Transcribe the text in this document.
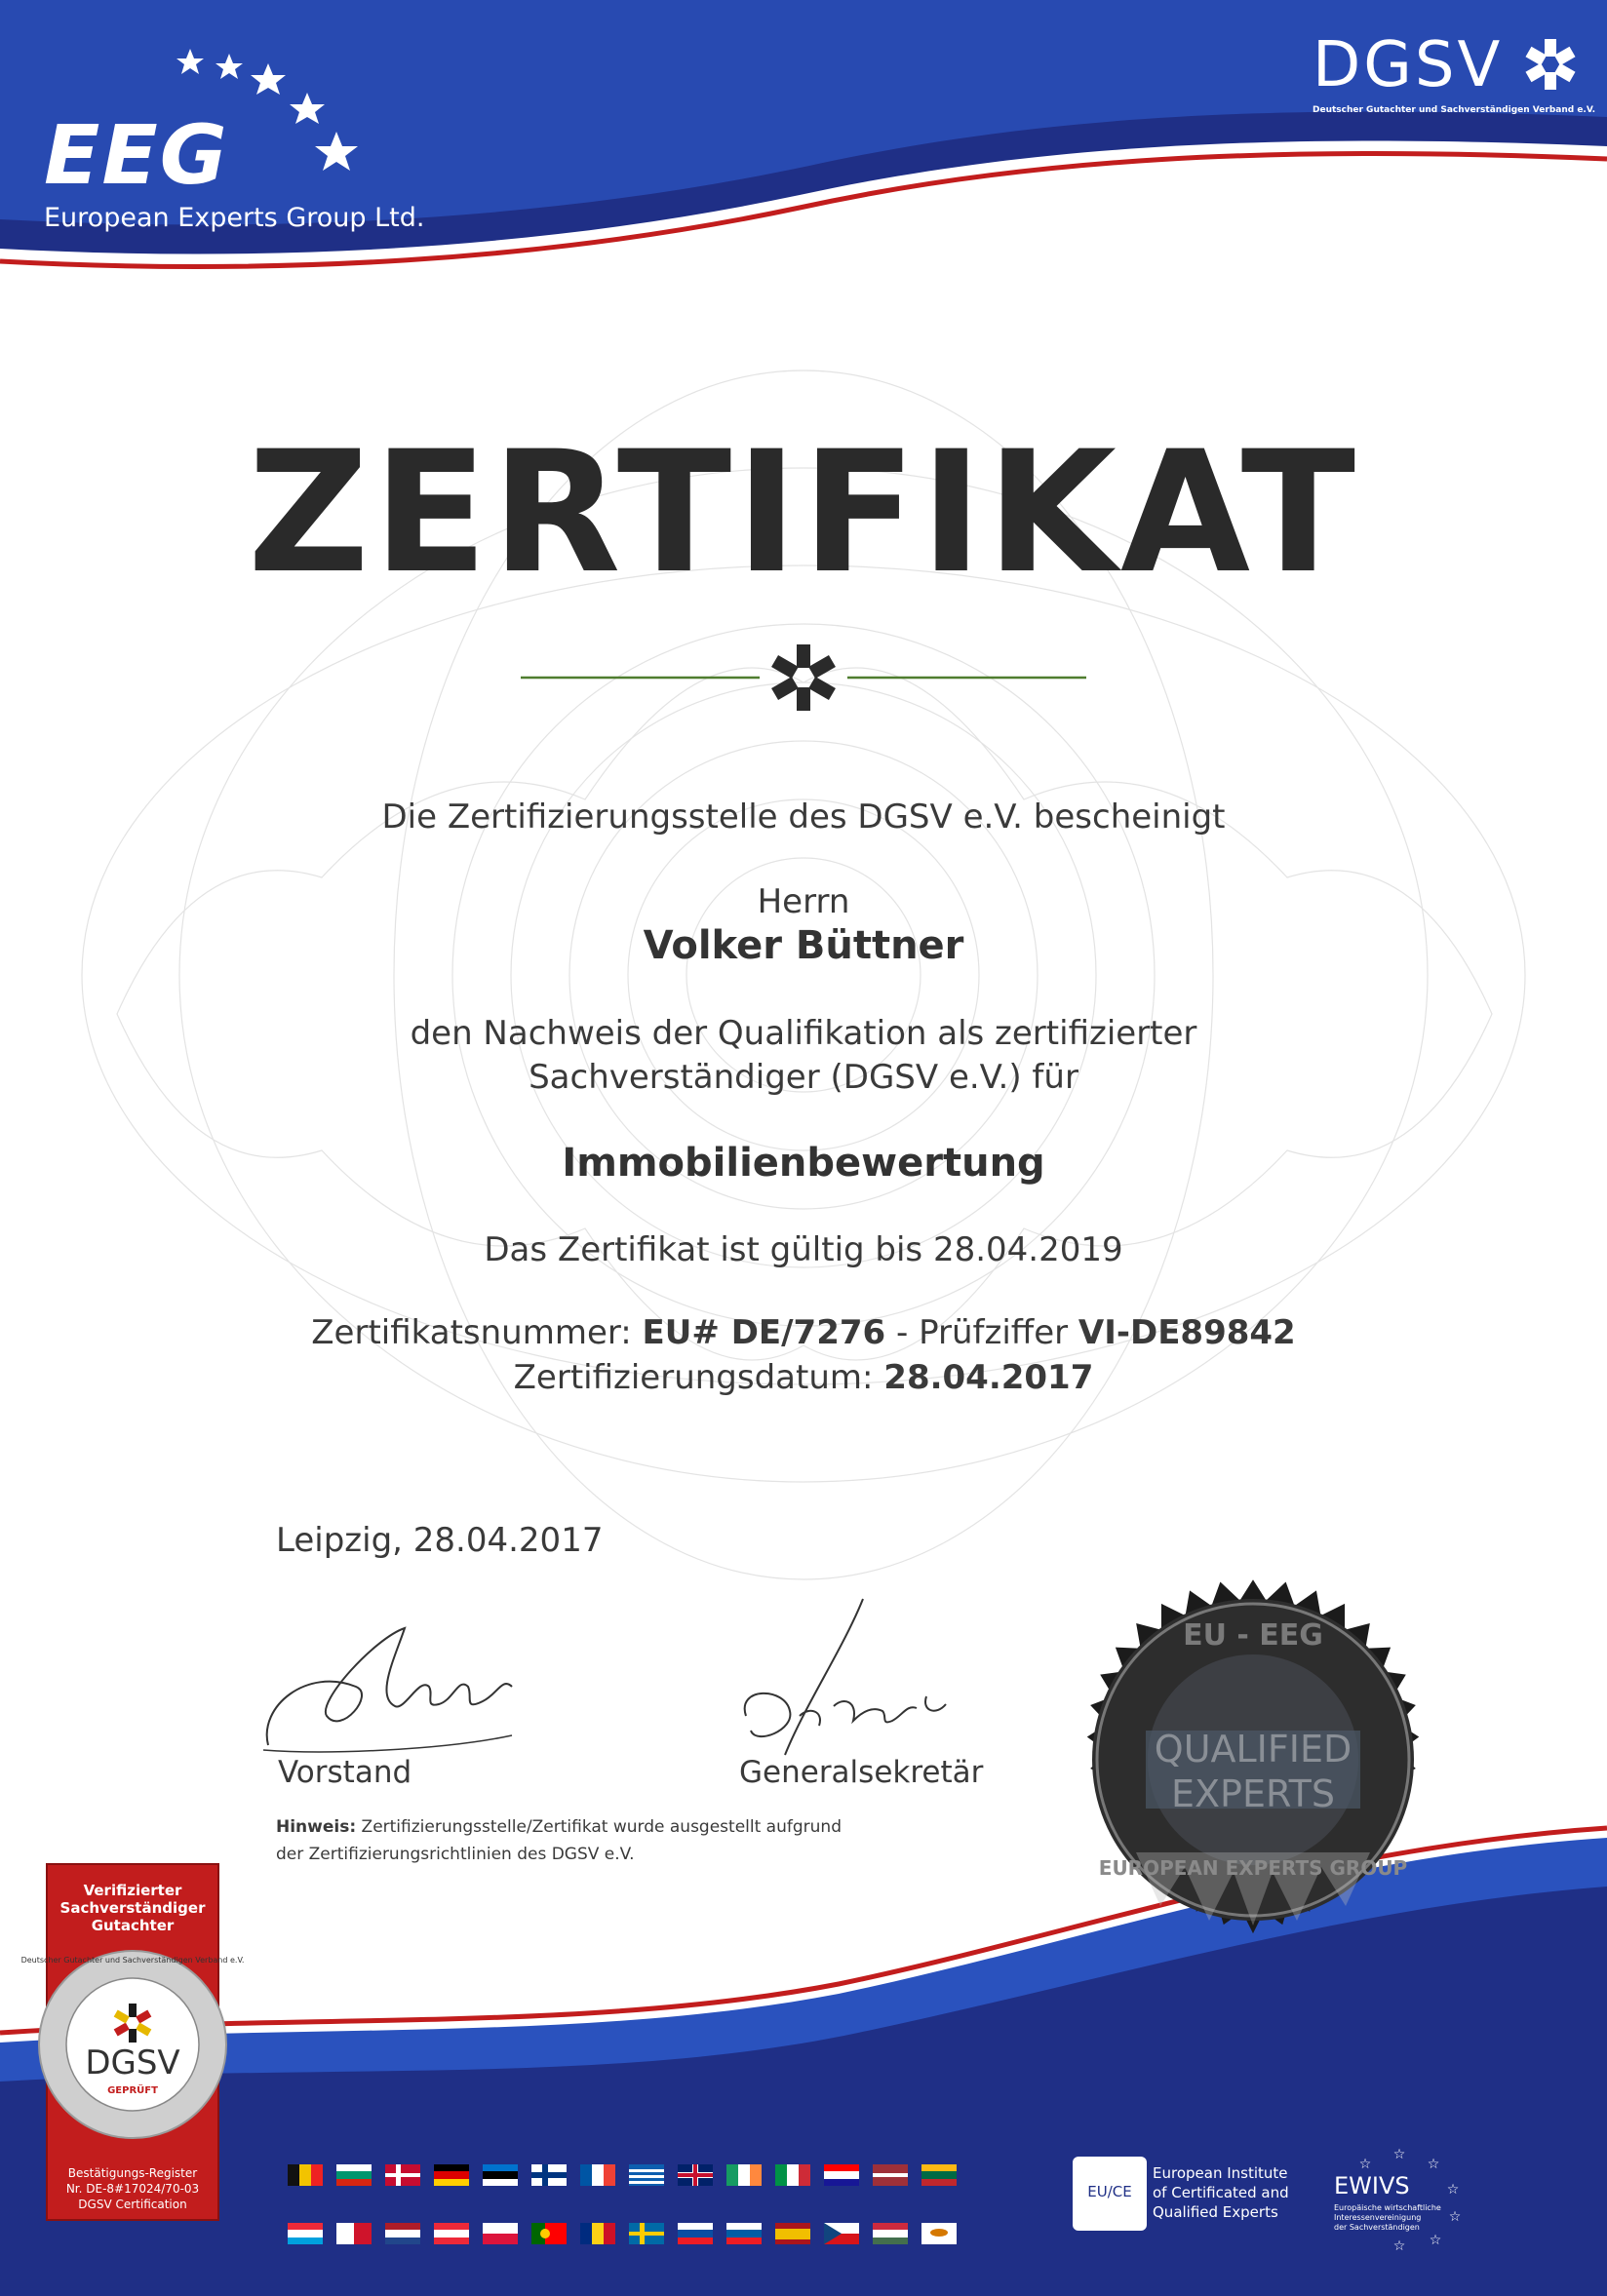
EEG
European Experts Group Ltd.
DGSV
Deutscher Gutachter und Sachverständigen Verband e.V.
ZERTIFIKAT
Die Zertifizierungsstelle des DGSV e.V. bescheinigt
Herrn
Volker Büttner
den Nachweis der Qualifikation als zertifizierter
Sachverständiger (DGSV e.V.) für
Immobilienbewertung
Das Zertifikat ist gültig bis 28.04.2019
Zertifikatsnummer: EU# DE/7276 - Prüfziffer VI-DE89842
Zertifizierungsdatum: 28.04.2017
Leipzig, 28.04.2017
Vorstand	Generalsekretär
Hinweis: Zertifizierungsstelle/Zertifikat wurde ausgestellt aufgrund
der Zertifizierungsrichtlinien des DGSV e.V.
EU - EEG
QUALIFIED
EXPERTS
EUROPEAN EXPERTS GROUP
Verifizierter
Sachverständiger
Gutachter
DGSV
GEPRÜFT
Deutscher Gutachter und Sachverständigen Verband e.V.
Bestätigungs-Register
Nr. DE-8#17024/70-03
DGSV Certification
EU/CE
European Institute
of Certificated and
Qualified Experts
☆
☆
☆
☆
☆
☆
☆
EWIVS
Europäische wirtschaftliche
Interessenvereinigung
der Sachverständigen
